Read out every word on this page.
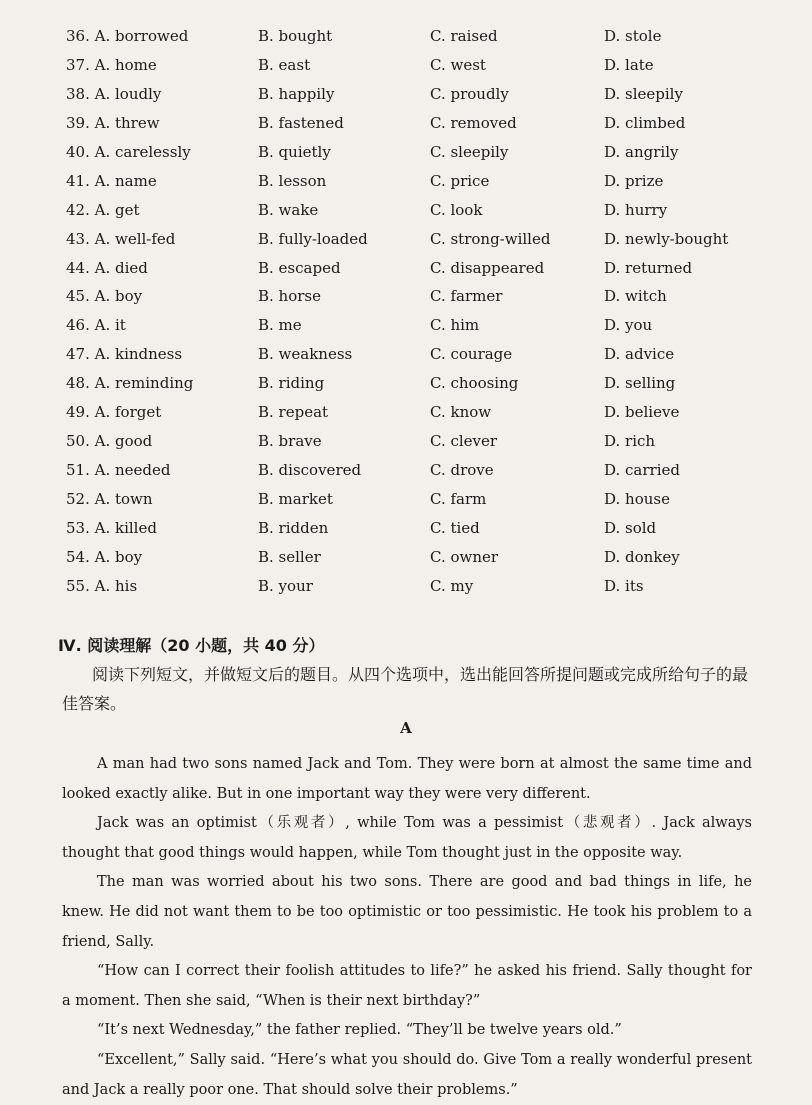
36. A. borrowed	B. bought	C. raised	D. stole
37. A. home	B. east	C. west	D. late
38. A. loudly	B. happily	C. proudly	D. sleepily
39. A. threw	B. fastened	C. removed	D. climbed
40. A. carelessly	B. quietly	C. sleepily	D. angrily
41. A. name	B. lesson	C. price	D. prize
42. A. get	B. wake	C. look	D. hurry
43. A. well-fed	B. fully-loaded	C. strong-willed	D. newly-bought
44. A. died	B. escaped	C. disappeared	D. returned
45. A. boy	B. horse	C. farmer	D. witch
46. A. it	B. me	C. him	D. you
47. A. kindness	B. weakness	C. courage	D. advice
48. A. reminding	B. riding	C. choosing	D. selling
49. A. forget	B. repeat	C. know	D. believe
50. A. good	B. brave	C. clever	D. rich
51. A. needed	B. discovered	C. drove	D. carried
52. A. town	B. market	C. farm	D. house
53. A. killed	B. ridden	C. tied	D. sold
54. A. boy	B. seller	C. owner	D. donkey
55. A. his	B. your	C. my	D. its
Ⅳ. 阅读理解（20 小题，共 40 分）
阅读下列短文，并做短文后的题目。从四个选项中，选出能回答所提问题或完成所给句子的最佳答案。
A

A man had two sons named Jack and Tom. They were born at almost the same time and looked exactly alike. But in one important way they were very different.

Jack was an optimist（乐观者）, while Tom was a pessimist（悲观者）. Jack always thought that good things would happen, while Tom thought just in the opposite way.

The man was worried about his two sons. There are good and bad things in life, he knew. He did not want them to be too optimistic or too pessimistic. He took his problem to a friend, Sally.

“How can I correct their foolish attitudes to life?” he asked his friend. Sally thought for a moment. Then she said, “When is their next birthday?”

“It’s next Wednesday,” the father replied. “They’ll be twelve years old.”

“Excellent,” Sally said. “Here’s what you should do. Give Tom a really wonderful present and Jack a really poor one. That should solve their problems.”
